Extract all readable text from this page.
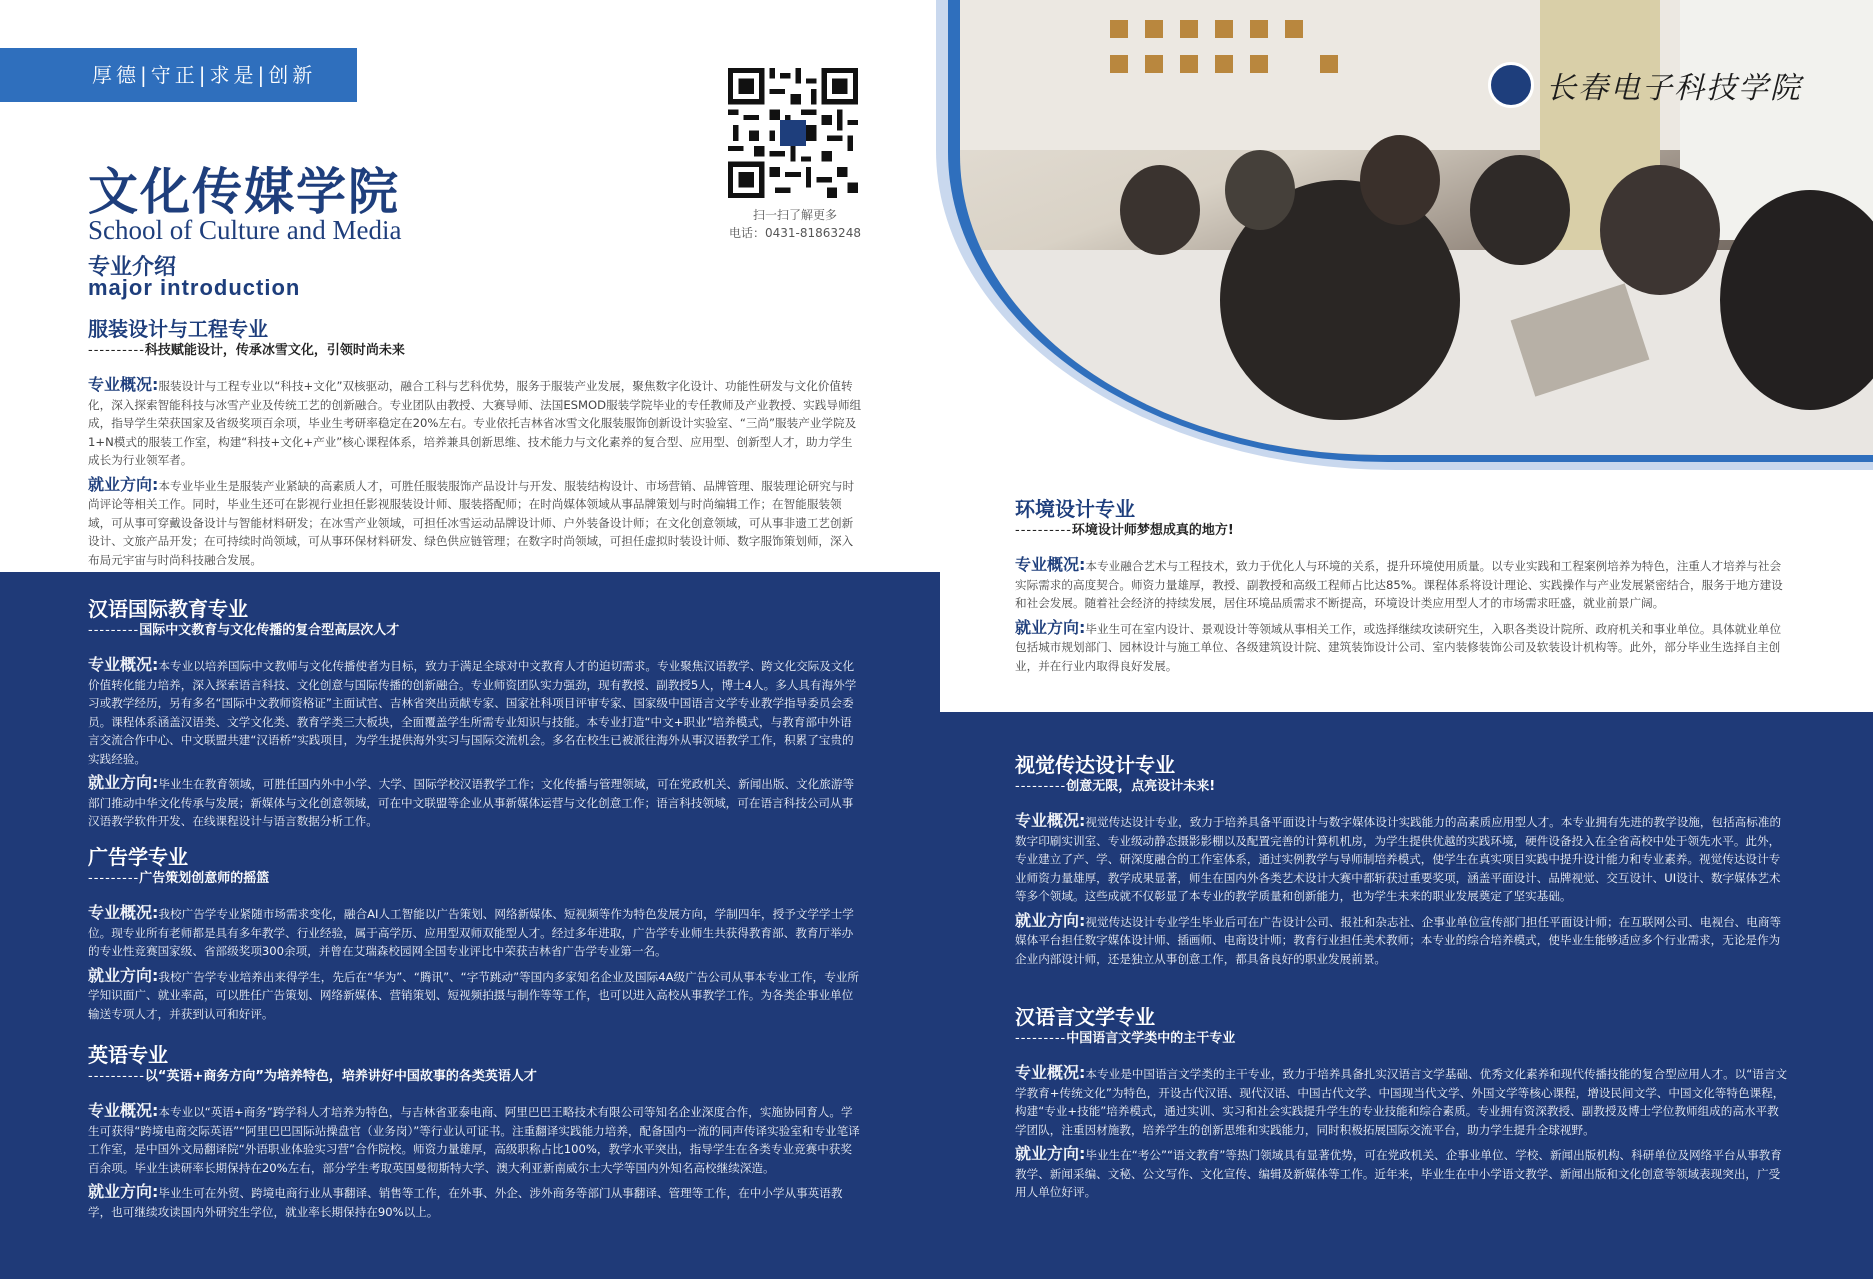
厚德|守正|求是|创新
扫一扫了解更多
电话：0431-81863248
文化传媒学院
School of Culture and Media
专业介绍
major introduction
长春电子科技学院
服装设计与工程专业
----------科技赋能设计，传承冰雪文化，引领时尚未来
专业概况:服装设计与工程专业以“科技+文化”双核驱动，融合工科与艺科优势，服务于服装产业发展，聚焦数字化设计、功能性研发与文化价值转化，深入探索智能科技与冰雪产业及传统工艺的创新融合。专业团队由教授、大赛导师、法国ESMOD服装学院毕业的专任教师及产业教授、实践导师组成，指导学生荣获国家及省级奖项百余项，毕业生考研率稳定在20%左右。专业依托吉林省冰雪文化服装服饰创新设计实验室、“三尚”服装产业学院及1+N模式的服装工作室，构建“科技+文化+产业”核心课程体系，培养兼具创新思维、技术能力与文化素养的复合型、应用型、创新型人才，助力学生成长为行业领军者。
就业方向:本专业毕业生是服装产业紧缺的高素质人才，可胜任服装服饰产品设计与开发、服装结构设计、市场营销、品牌管理、服装理论研究与时尚评论等相关工作。同时，毕业生还可在影视行业担任影视服装设计师、服装搭配师；在时尚媒体领域从事品牌策划与时尚编辑工作；在智能服装领域，可从事可穿戴设备设计与智能材料研发；在冰雪产业领域，可担任冰雪运动品牌设计师、户外装备设计师；在文化创意领域，可从事非遗工艺创新设计、文旅产品开发；在可持续时尚领域，可从事环保材料研发、绿色供应链管理；在数字时尚领域，可担任虚拟时装设计师、数字服饰策划师，深入布局元宇宙与时尚科技融合发展。
汉语国际教育专业
---------国际中文教育与文化传播的复合型高层次人才
专业概况:本专业以培养国际中文教师与文化传播使者为目标，致力于满足全球对中文教育人才的迫切需求。专业聚焦汉语教学、跨文化交际及文化价值转化能力培养，深入探索语言科技、文化创意与国际传播的创新融合。专业师资团队实力强劲，现有教授、副教授5人，博士4人。多人具有海外学习或教学经历，另有多名“国际中文教师资格证”主面试官、吉林省突出贡献专家、国家社科项目评审专家、国家级中国语言文学专业教学指导委员会委员。课程体系涵盖汉语类、文学文化类、教育学类三大板块，全面覆盖学生所需专业知识与技能。本专业打造“中文+职业”培养模式，与教育部中外语言交流合作中心、中文联盟共建“汉语桥”实践项目，为学生提供海外实习与国际交流机会。多名在校生已被派往海外从事汉语教学工作，积累了宝贵的实践经验。
就业方向:毕业生在教育领域，可胜任国内外中小学、大学、国际学校汉语教学工作；文化传播与管理领域，可在党政机关、新闻出版、文化旅游等部门推动中华文化传承与发展；新媒体与文化创意领域，可在中文联盟等企业从事新媒体运营与文化创意工作；语言科技领域，可在语言科技公司从事汉语教学软件开发、在线课程设计与语言数据分析工作。
广告学专业
---------广告策划创意师的摇篮
专业概况:我校广告学专业紧随市场需求变化，融合AI人工智能以广告策划、网络新媒体、短视频等作为特色发展方向，学制四年，授予文学学士学位。现专业所有老师都是具有多年教学、行业经验，属于高学历、应用型双师双能型人才。经过多年进取，广告学专业师生共获得教育部、教育厅举办的专业性竞赛国家级、省部级奖项300余项，并曾在艾瑞森校园网全国专业评比中荣获吉林省广告学专业第一名。
就业方向:我校广告学专业培养出来得学生，先后在“华为”、“腾讯”、“字节跳动”等国内多家知名企业及国际4A级广告公司从事本专业工作，专业所学知识面广、就业率高，可以胜任广告策划、网络新媒体、营销策划、短视频拍摄与制作等等工作，也可以进入高校从事教学工作。为各类企事业单位输送专项人才，并获到认可和好评。
英语专业
----------以“英语+商务方向”为培养特色，培养讲好中国故事的各类英语人才
专业概况:本专业以“英语+商务”跨学科人才培养为特色，与吉林省亚泰电商、阿里巴巴王略技术有限公司等知名企业深度合作，实施协同育人。学生可获得“跨境电商交际英语”“阿里巴巴国际站操盘官（业务岗）”等行业认可证书。注重翻译实践能力培养，配备国内一流的同声传译实验室和专业笔译工作室，是中国外文局翻译院“外语职业体验实习营”合作院校。师资力量雄厚，高级职称占比100%，教学水平突出，指导学生在各类专业竞赛中获奖百余项。毕业生读研率长期保持在20%左右，部分学生考取英国曼彻斯特大学、澳大利亚新南威尔士大学等国内外知名高校继续深造。
就业方向:毕业生可在外贸、跨境电商行业从事翻译、销售等工作，在外事、外企、涉外商务等部门从事翻译、管理等工作，在中小学从事英语教学，也可继续攻读国内外研究生学位，就业率长期保持在90%以上。
环境设计专业
----------环境设计师梦想成真的地方!
专业概况:本专业融合艺术与工程技术，致力于优化人与环境的关系，提升环境使用质量。以专业实践和工程案例培养为特色，注重人才培养与社会实际需求的高度契合。师资力量雄厚，教授、副教授和高级工程师占比达85%。课程体系将设计理论、实践操作与产业发展紧密结合，服务于地方建设和社会发展。随着社会经济的持续发展，居住环境品质需求不断提高，环境设计类应用型人才的市场需求旺盛，就业前景广阔。
就业方向:毕业生可在室内设计、景观设计等领域从事相关工作，或选择继续攻读研究生，入职各类设计院所、政府机关和事业单位。具体就业单位包括城市规划部门、园林设计与施工单位、各级建筑设计院、建筑装饰设计公司、室内装修装饰公司及软装设计机构等。此外，部分毕业生选择自主创业，并在行业内取得良好发展。
视觉传达设计专业
---------创意无限，点亮设计未来!
专业概况:视觉传达设计专业，致力于培养具备平面设计与数字媒体设计实践能力的高素质应用型人才。本专业拥有先进的教学设施，包括高标准的数字印刷实训室、专业级动静态摄影影棚以及配置完善的计算机机房，为学生提供优越的实践环境，硬件设备投入在全省高校中处于领先水平。此外，专业建立了产、学、研深度融合的工作室体系，通过实例教学与导师制培养模式，使学生在真实项目实践中提升设计能力和专业素养。视觉传达设计专业师资力量雄厚，教学成果显著，师生在国内外各类艺术设计大赛中都斩获过重要奖项，涵盖平面设计、品牌视觉、交互设计、UI设计、数字媒体艺术等多个领域。这些成就不仅彰显了本专业的教学质量和创新能力，也为学生未来的职业发展奠定了坚实基础。
就业方向:视觉传达设计专业学生毕业后可在广告设计公司、报社和杂志社、企事业单位宣传部门担任平面设计师；在互联网公司、电视台、电商等媒体平台担任数字媒体设计师、插画师、电商设计师；教育行业担任美术教师；本专业的综合培养模式，使毕业生能够适应多个行业需求，无论是作为企业内部设计师，还是独立从事创意工作，都具备良好的职业发展前景。
汉语言文学专业
---------中国语言文学类中的主干专业
专业概况:本专业是中国语言文学类的主干专业，致力于培养具备扎实汉语言文学基础、优秀文化素养和现代传播技能的复合型应用人才。以“语言文学教育+传统文化”为特色，开设古代汉语、现代汉语、中国古代文学、中国现当代文学、外国文学等核心课程，增设民间文学、中国文化等特色课程，构建“专业+技能”培养模式，通过实训、实习和社会实践提升学生的专业技能和综合素质。专业拥有资深教授、副教授及博士学位教师组成的高水平教学团队，注重因材施教，培养学生的创新思维和实践能力，同时积极拓展国际交流平台，助力学生提升全球视野。
就业方向:毕业生在“考公”“语文教育”等热门领域具有显著优势，可在党政机关、企事业单位、学校、新闻出版机构、科研单位及网络平台从事教育教学、新闻采编、文秘、公文写作、文化宣传、编辑及新媒体等工作。近年来，毕业生在中小学语文教学、新闻出版和文化创意等领域表现突出，广受用人单位好评。
